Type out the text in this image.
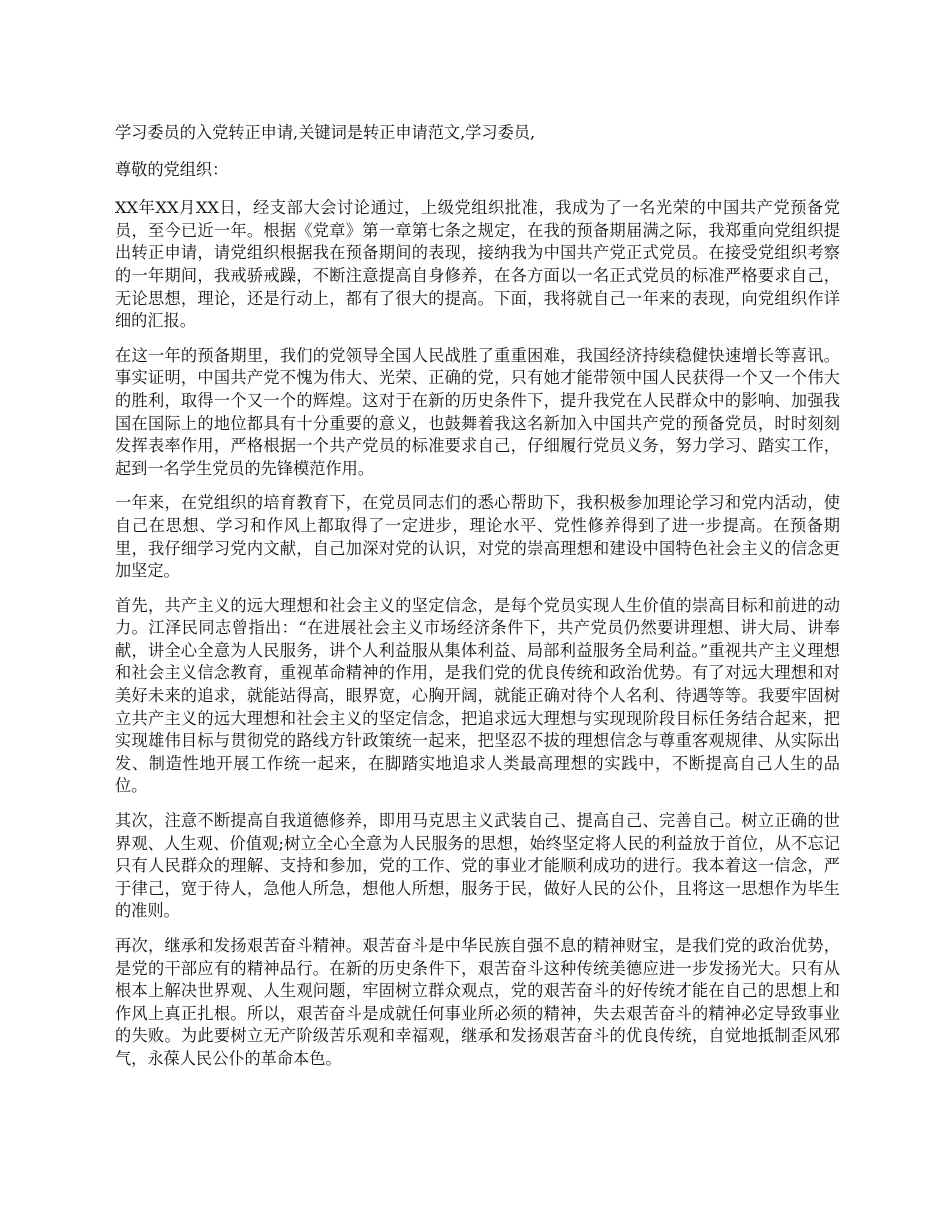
学习委员的入党转正申请,关键词是转正申请范文,学习委员,

尊敬的党组织：

XX年XX月XX日，经支部大会讨论通过，上级党组织批准，我成为了一名光荣的中国共产党预备党员，至今已近一年。根据《党章》第一章第七条之规定，在我的预备期届满之际，我郑重向党组织提出转正申请，请党组织根据我在预备期间的表现，接纳我为中国共产党正式党员。在接受党组织考察的一年期间，我戒骄戒躁，不断注意提高自身修养，在各方面以一名正式党员的标准严格要求自己，无论思想，理论，还是行动上，都有了很大的提高。下面，我将就自己一年来的表现，向党组织作详细的汇报。

在这一年的预备期里，我们的党领导全国人民战胜了重重困难，我国经济持续稳健快速增长等喜讯。事实证明，中国共产党不愧为伟大、光荣、正确的党，只有她才能带领中国人民获得一个又一个伟大的胜利，取得一个又一个的辉煌。这对于在新的历史条件下，提升我党在人民群众中的影响、加强我国在国际上的地位都具有十分重要的意义，也鼓舞着我这名新加入中国共产党的预备党员，时时刻刻发挥表率作用，严格根据一个共产党员的标准要求自己，仔细履行党员义务，努力学习、踏实工作，起到一名学生党员的先锋模范作用。

一年来，在党组织的培育教育下，在党员同志们的悉心帮助下，我积极参加理论学习和党内活动，使自己在思想、学习和作风上都取得了一定进步，理论水平、党性修养得到了进一步提高。在预备期里，我仔细学习党内文献，自己加深对党的认识，对党的崇高理想和建设中国特色社会主义的信念更加坚定。

首先，共产主义的远大理想和社会主义的坚定信念，是每个党员实现人生价值的崇高目标和前进的动力。江泽民同志曾指出：“在进展社会主义市场经济条件下，共产党员仍然要讲理想、讲大局、讲奉献，讲全心全意为人民服务，讲个人利益服从集体利益、局部利益服务全局利益。”重视共产主义理想和社会主义信念教育，重视革命精神的作用，是我们党的优良传统和政治优势。有了对远大理想和对美好未来的追求，就能站得高，眼界宽，心胸开阔，就能正确对待个人名利、待遇等等。我要牢固树立共产主义的远大理想和社会主义的坚定信念，把追求远大理想与实现现阶段目标任务结合起来，把实现雄伟目标与贯彻党的路线方针政策统一起来，把坚忍不拔的理想信念与尊重客观规律、从实际出发、制造性地开展工作统一起来，在脚踏实地追求人类最高理想的实践中，不断提高自己人生的品位。

其次，注意不断提高自我道德修养，即用马克思主义武装自己、提高自己、完善自己。树立正确的世界观、人生观、价值观;树立全心全意为人民服务的思想，始终坚定将人民的利益放于首位，从不忘记只有人民群众的理解、支持和参加，党的工作、党的事业才能顺利成功的进行。我本着这一信念，严于律己，宽于待人，急他人所急，想他人所想，服务于民，做好人民的公仆，且将这一思想作为毕生的准则。

再次，继承和发扬艰苦奋斗精神。艰苦奋斗是中华民族自强不息的精神财宝，是我们党的政治优势，是党的干部应有的精神品行。在新的历史条件下，艰苦奋斗这种传统美德应进一步发扬光大。只有从根本上解决世界观、人生观问题，牢固树立群众观点，党的艰苦奋斗的好传统才能在自己的思想上和作风上真正扎根。所以，艰苦奋斗是成就任何事业所必须的精神，失去艰苦奋斗的精神必定导致事业的失败。为此要树立无产阶级苦乐观和幸福观，继承和发扬艰苦奋斗的优良传统，自觉地抵制歪风邪气，永葆人民公仆的革命本色。
